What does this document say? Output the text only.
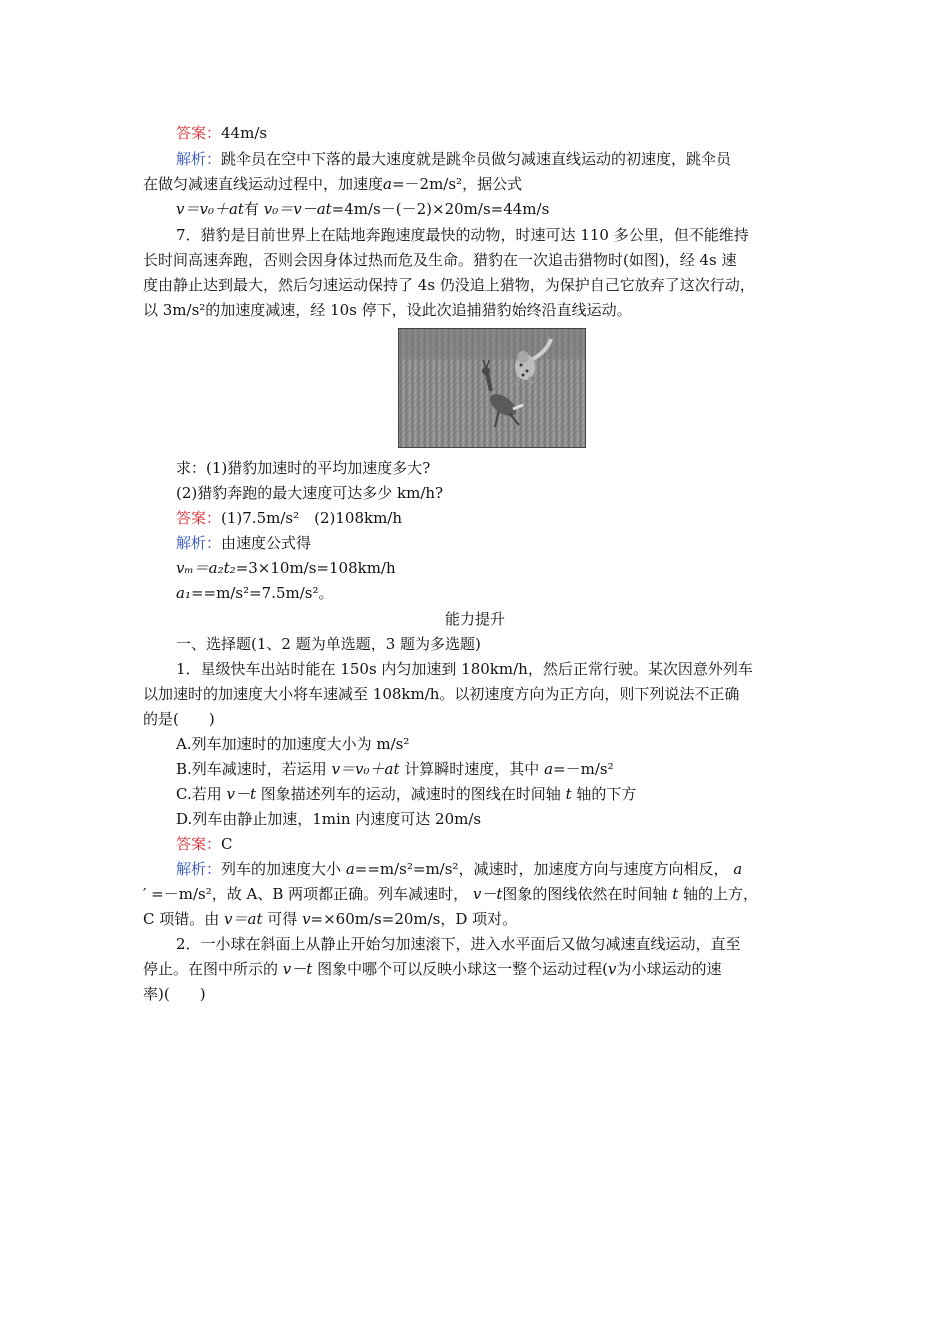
答案：44m/s
解析：跳伞员在空中下落的最大速度就是跳伞员做匀减速直线运动的初速度，跳伞员
在做匀减速直线运动过程中，加速度a=－2m/s²，据公式
v＝v₀＋at有 v₀＝v－at=4m/s－(－2)×20m/s=44m/s
7．猎豹是目前世界上在陆地奔跑速度最快的动物，时速可达 110 多公里，但不能维持
长时间高速奔跑，否则会因身体过热而危及生命。猎豹在一次追击猎物时(如图)，经 4s 速
度由静止达到最大，然后匀速运动保持了 4s 仍没追上猎物，为保护自己它放弃了这次行动，
以 3m/s²的加速度减速，经 10s 停下，设此次追捕猎豹始终沿直线运动。
求：(1)猎豹加速时的平均加速度多大?
(2)猎豹奔跑的最大速度可达多少 km/h?
答案：(1)7.5m/s²　(2)108km/h
解析：由速度公式得
vₘ＝a₂t₂=3×10m/s=108km/h
a₁==m/s²=7.5m/s²。
能力提升
一、选择题(1、2 题为单选题，3 题为多选题)
1．星级快车出站时能在 150s 内匀加速到 180km/h，然后正常行驶。某次因意外列车
以加速时的加速度大小将车速减至 108km/h。以初速度方向为正方向，则下列说法不正确
的是(　　)
A.列车加速时的加速度大小为 m/s²
B.列车减速时，若运用 v＝v₀＋at 计算瞬时速度，其中 a=－m/s²
C.若用 v－t 图象描述列车的运动，减速时的图线在时间轴 t 轴的下方
D.列车由静止加速，1min 内速度可达 20m/s
答案：C
解析：列车的加速度大小 a==m/s²=m/s²，减速时，加速度方向与速度方向相反， a
′ =－m/s²，故 A、B 两项都正确。列车减速时， v－t图象的图线依然在时间轴 t 轴的上方，
C 项错。由 v＝at 可得 v=×60m/s=20m/s，D 项对。
2．一小球在斜面上从静止开始匀加速滚下，进入水平面后又做匀减速直线运动，直至
停止。在图中所示的 v－t 图象中哪个可以反映小球这一整个运动过程(v为小球运动的速
率)(　　)
